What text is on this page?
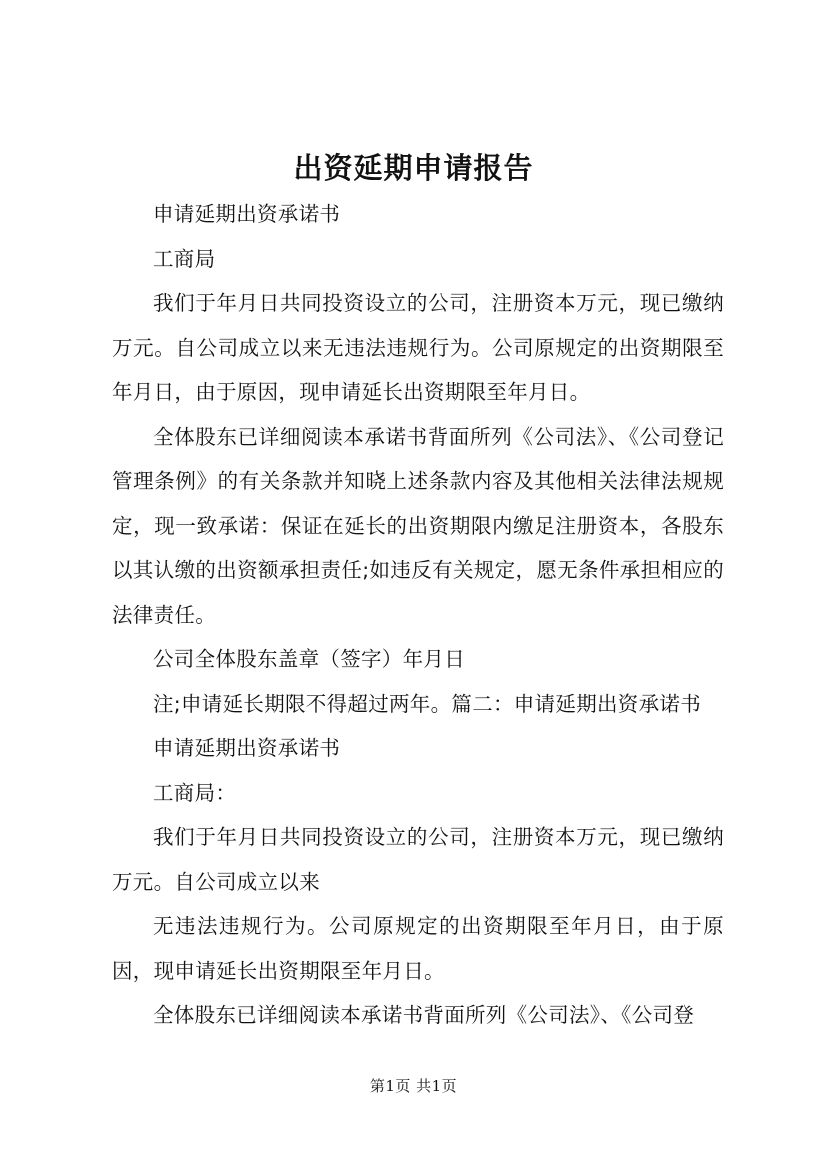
出资延期申请报告

申请延期出资承诺书

工商局

我们于年月日共同投资设立的公司，注册资本万元，现已缴纳万元。自公司成立以来无违法违规行为。公司原规定的出资期限至年月日，由于原因，现申请延长出资期限至年月日。

全体股东已详细阅读本承诺书背面所列《公司法》、《公司登记管理条例》的有关条款并知晓上述条款内容及其他相关法律法规规定，现一致承诺：保证在延长的出资期限内缴足注册资本，各股东以其认缴的出资额承担责任;如违反有关规定，愿无条件承担相应的法律责任。

公司全体股东盖章（签字）年月日

注;申请延长期限不得超过两年。篇二：申请延期出资承诺书

申请延期出资承诺书

工商局：

我们于年月日共同投资设立的公司，注册资本万元，现已缴纳万元。自公司成立以来

无违法违规行为。公司原规定的出资期限至年月日，由于原因，现申请延长出资期限至年月日。

全体股东已详细阅读本承诺书背面所列《公司法》、《公司登

第1页 共1页
